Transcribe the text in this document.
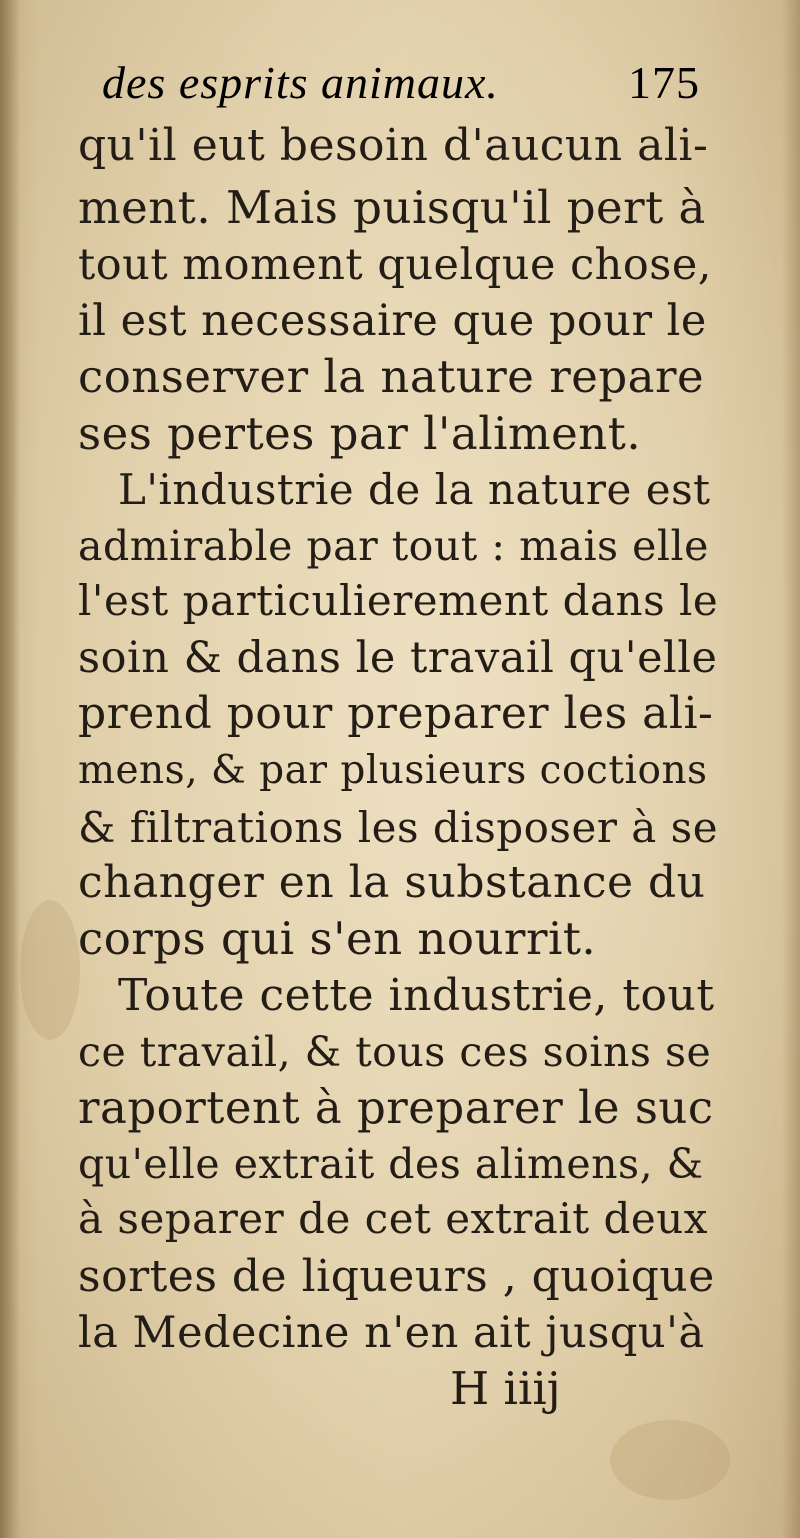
des esprits animaux.	175
qu'il eut besoin d'aucun ali-
ment. Mais puisqu'il pert à
tout moment quelque chose,
il est necessaire que pour le
conserver la nature repare
ses pertes par l'aliment.
L'industrie de la nature est
admirable par tout : mais elle
l'est particulierement dans le
soin & dans le travail qu'elle
prend pour preparer les ali-
mens, & par plusieurs coctions
& filtrations les disposer à se
changer en la substance du
corps qui s'en nourrit.
Toute cette industrie, tout
ce travail, & tous ces soins se
raportent à preparer le suc
qu'elle extrait des alimens, &
à separer de cet extrait deux
sortes de liqueurs , quoique
la Medecine n'en ait jusqu'à
H iiij
